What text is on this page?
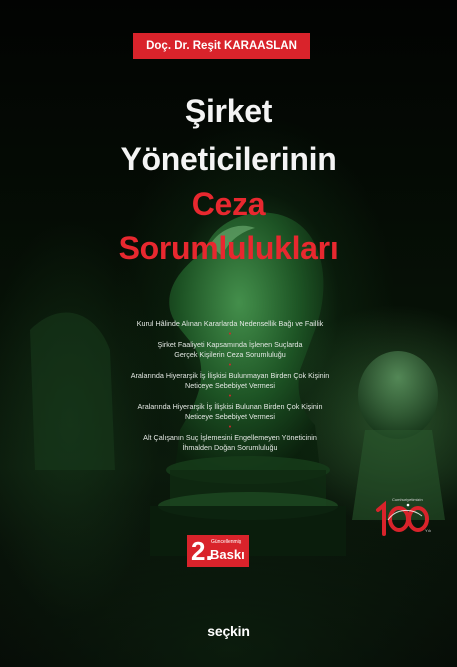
Doç. Dr. Reşit KARAASLAN
Şirket
Yöneticilerinin
Ceza
Sorumlulukları
Kurul Hâlinde Alınan Kararlarda Nedensellik Bağı ve Faillik
•
Şirket Faaliyeti Kapsamında İşlenen Suçlarda
Gerçek Kişilerin Ceza Sorumluluğu
•
Aralarında Hiyerarşik İş İlişkisi Bulunmayan Birden Çok Kişinin
Neticeye Sebebiyet Vermesi
•
Aralarında Hiyerarşik İş İlişkisi Bulunan Birden Çok Kişinin
Neticeye Sebebiyet Vermesi
•
Alt Çalışanın Suç İşlemesini Engellemeyen Yöneticinin
İhmalden Doğan Sorumluluğu
Cumhuriyetimizin
Yılı
2.
Güncellenmiş
Baskı
seçkin
